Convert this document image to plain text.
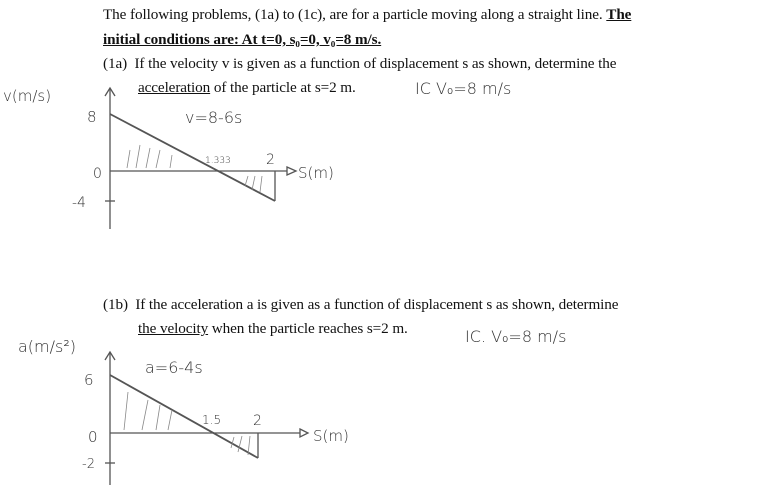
The following problems, (1a) to (1c), are for a particle moving along a straight line. The
initial conditions are: At t=0, s₀=0, v₀=8 m/s.
(1a) If the velocity v is given as a function of displacement s as shown, determine the
acceleration of the particle at s=2 m.
(1b) If the acceleration a is given as a function of displacement s as shown, determine
the velocity when the particle reaches s=2 m.
v(m/s)
8
0
-4
v=8-6s
1.333	2
S(m)
IC V₀=8 m/s
a(m/s²)
6
0
-2
a=6-4s
1.5 2
S(m)
IC. V₀=8 m/s
